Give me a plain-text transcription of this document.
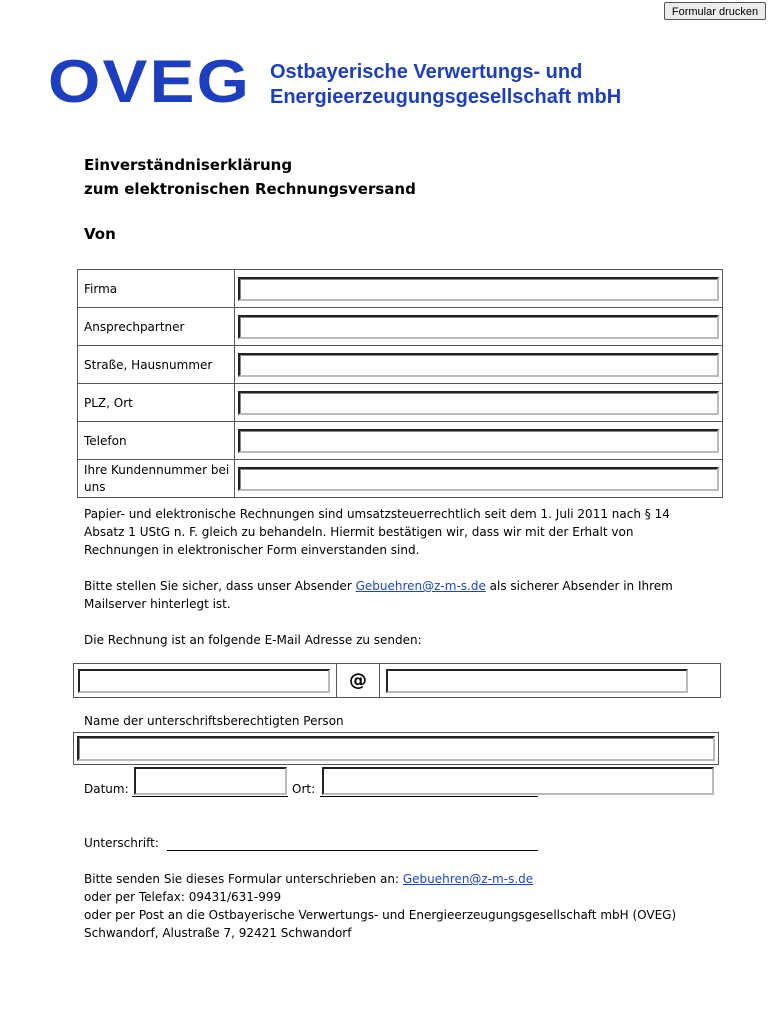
Formular drucken
OVEG Ostbayerische Verwertungs- und
Energieerzeugungsgesellschaft mbH
Einverständniserklärung
zum elektronischen Rechnungsversand
Von
Firma	

Ansprechpartner	

Straße, Hausnummer	

PLZ, Ort	

Telefon	

Ihre Kundennummer bei uns	
Papier- und elektronische Rechnungen sind umsatzsteuerrechtlich seit dem 1. Juli 2011 nach § 14 Absatz 1 UStG n. F. gleich zu behandeln. Hiermit bestätigen wir, dass wir mit der Erhalt von Rechnungen in elektronischer Form einverstanden sind.
Bitte stellen Sie sicher, dass unser Absender Gebuehren@z-m-s.de als sicherer Absender in Ihrem Mailserver hinterlegt ist.
Die Rechnung ist an folgende E-Mail Adresse zu senden:
@
Name der unterschriftsberechtigten Person
Datum:	Ort:
Unterschrift:
Bitte senden Sie dieses Formular unterschrieben an: Gebuehren@z-m-s.de
oder per Telefax: 09431/631-999
oder per Post an die Ostbayerische Verwertungs- und Energieerzeugungsgesellschaft mbH (OVEG)
Schwandorf, Alustraße 7, 92421 Schwandorf
